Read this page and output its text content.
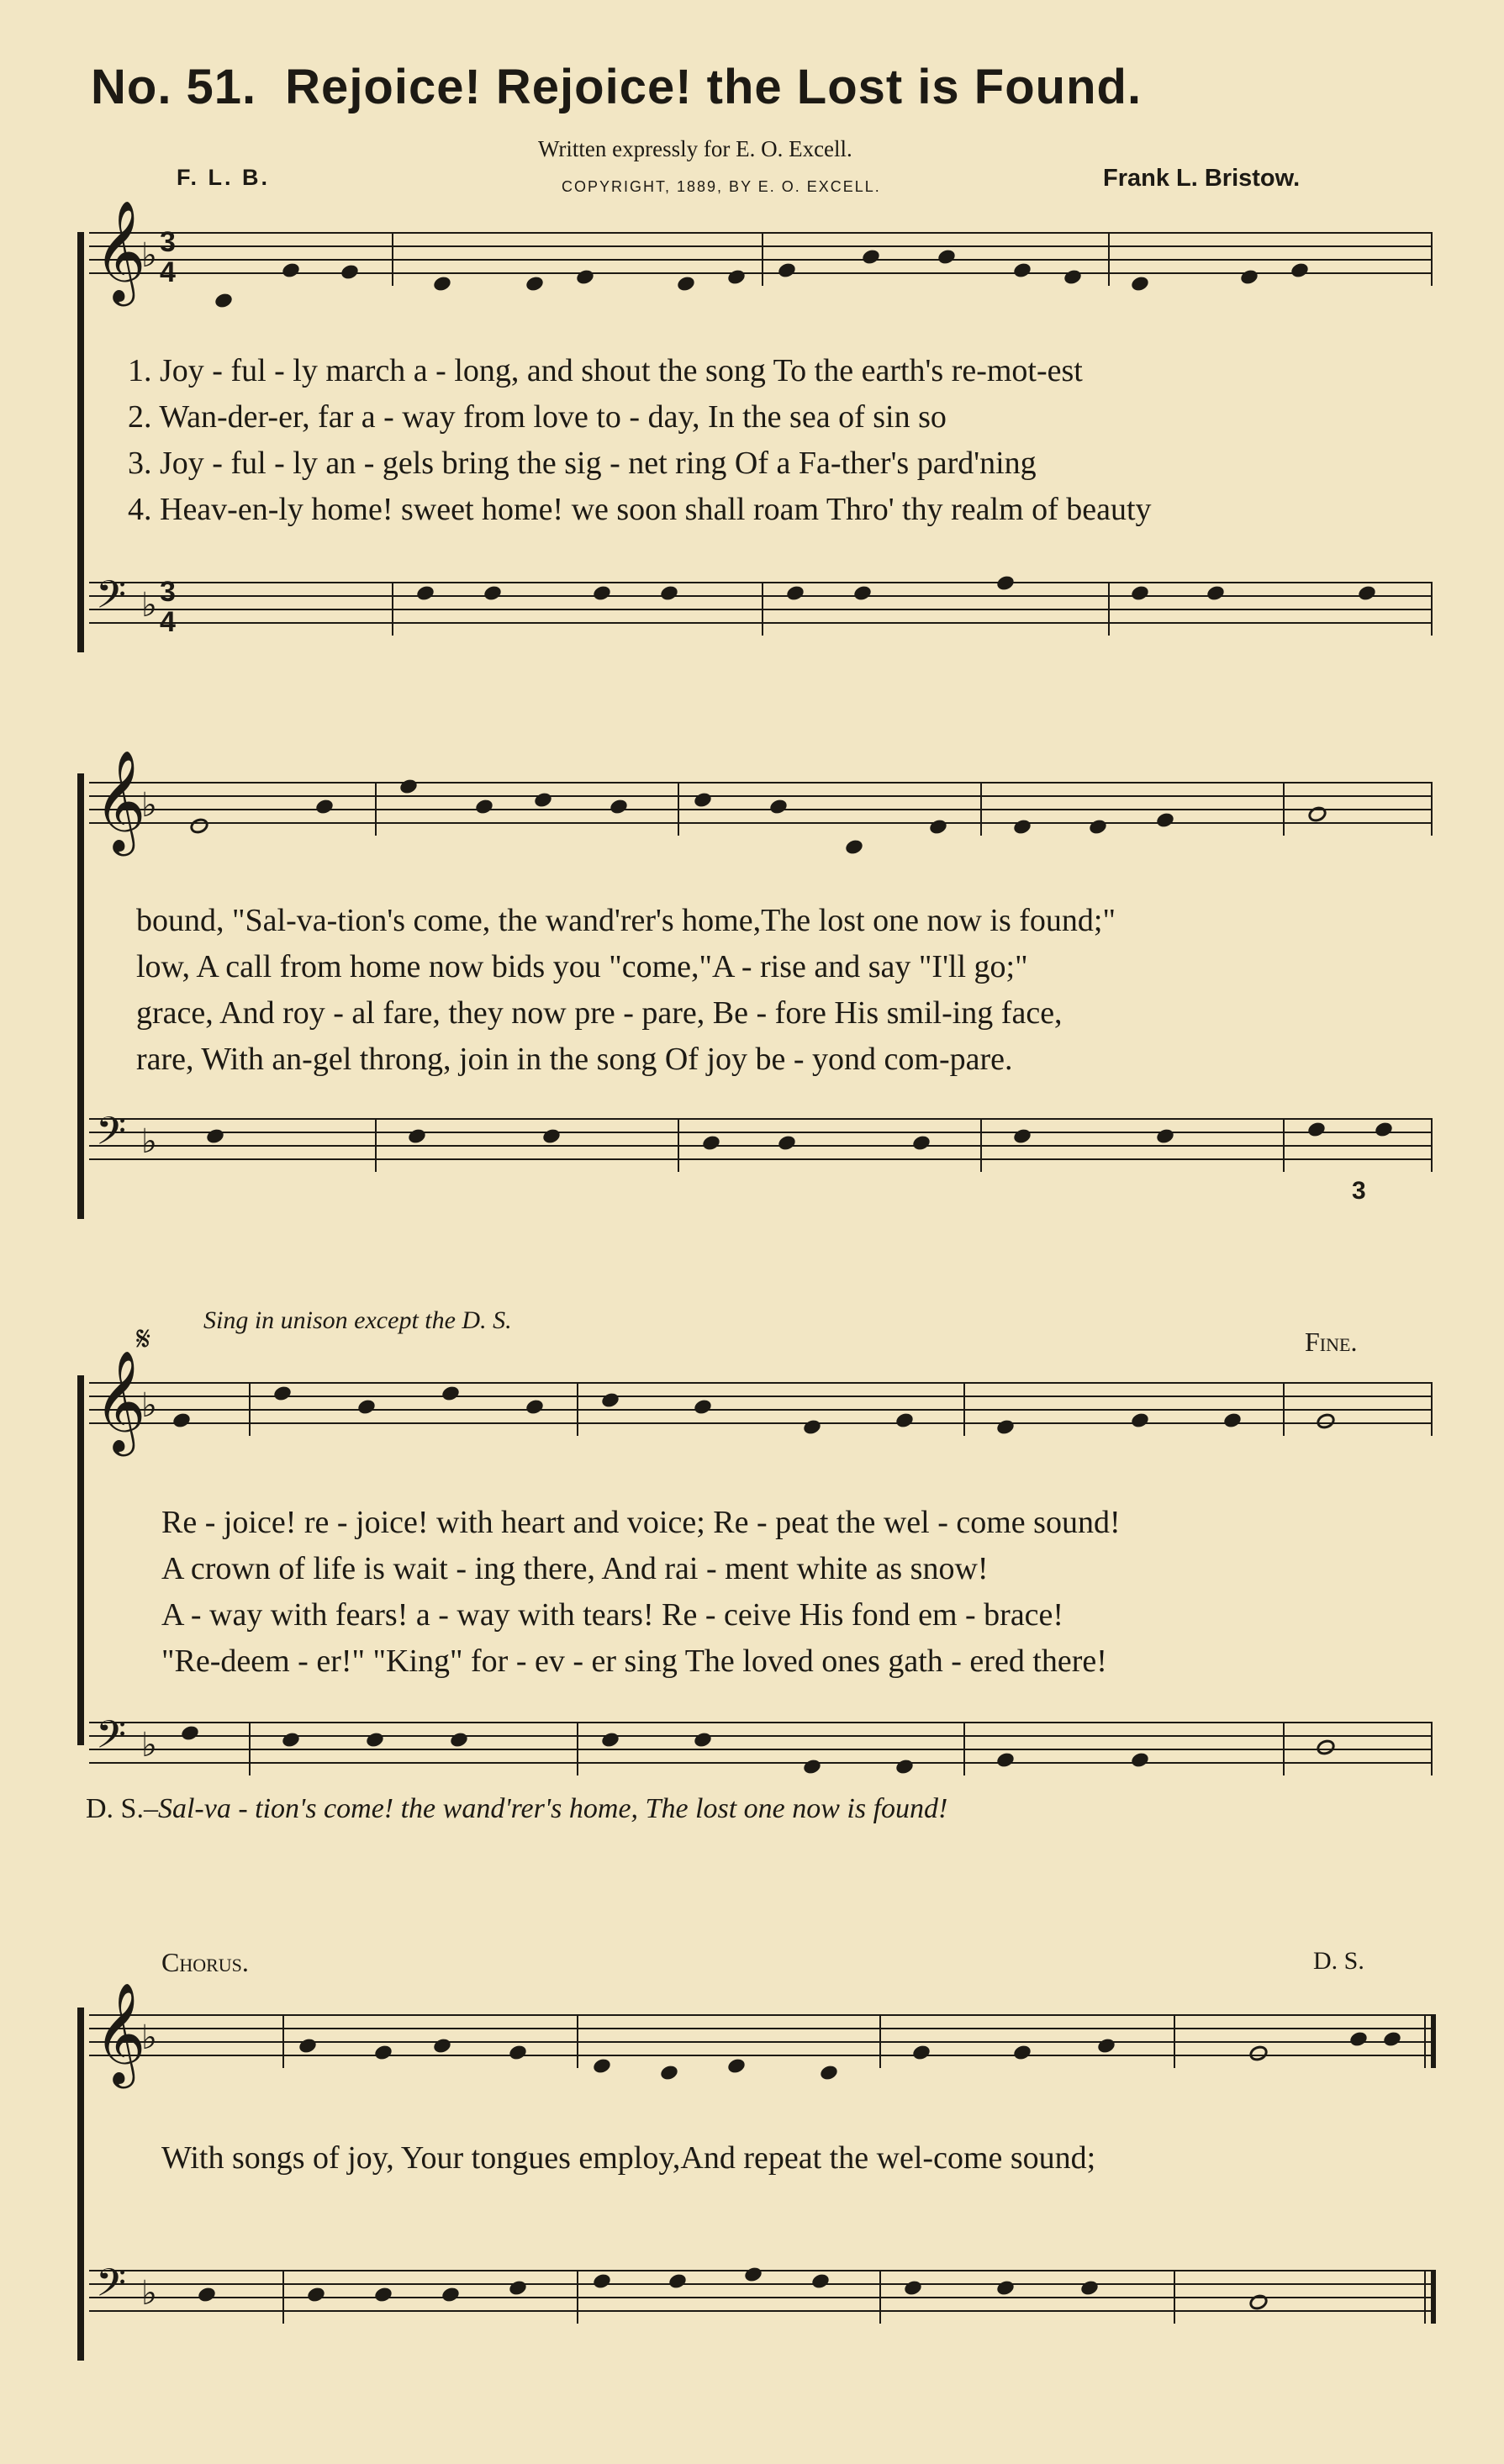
No. 51. Rejoice! Rejoice! the Lost is Found.
Written expressly for E. O. Excell.
F. L. B.	COPYRIGHT, 1889, BY E. O. EXCELL.	Frank L. Bristow.
𝄞
♭ 3
4
1. Joy - ful - ly march a - long, and shout the song To the earth's re-mot-est
2. Wan-der-er, far a - way from love to - day, In the sea of sin so
3. Joy - ful - ly an - gels bring the sig - net ring Of a Fa-ther's pard'ning
4. Heav-en-ly home! sweet home! we soon shall roam Thro' thy realm of beauty
𝄢 ♭ 3
4
𝄞
♭
bound, "Sal-va-tion's come, the wand'rer's home,The lost one now is found;"
low, A call from home now bids you "come,"A - rise and say "I'll go;"
grace, And roy - al fare, they now pre - pare, Be - fore His smil-ing face,
rare, With an-gel throng, join in the song Of joy be - yond com-pare.
𝄢 ♭
3
𝄋 Sing in unison except the D. S.
Fine.
𝄞
♭
Re - joice! re - joice! with heart and voice; Re - peat the wel - come sound!
A crown of life is wait - ing there, And rai - ment white as snow!
A - way with fears! a - way with tears! Re - ceive His fond em - brace!
"Re-deem - er!" "King" for - ev - er sing The loved ones gath - ered there!
𝄢 ♭
D. S.–Sal-va - tion's come! the wand'rer's home, The lost one now is found!
Chorus.	D. S.
𝄞
♭
With songs of joy, Your tongues employ,And repeat the wel-come sound;
𝄢 ♭
